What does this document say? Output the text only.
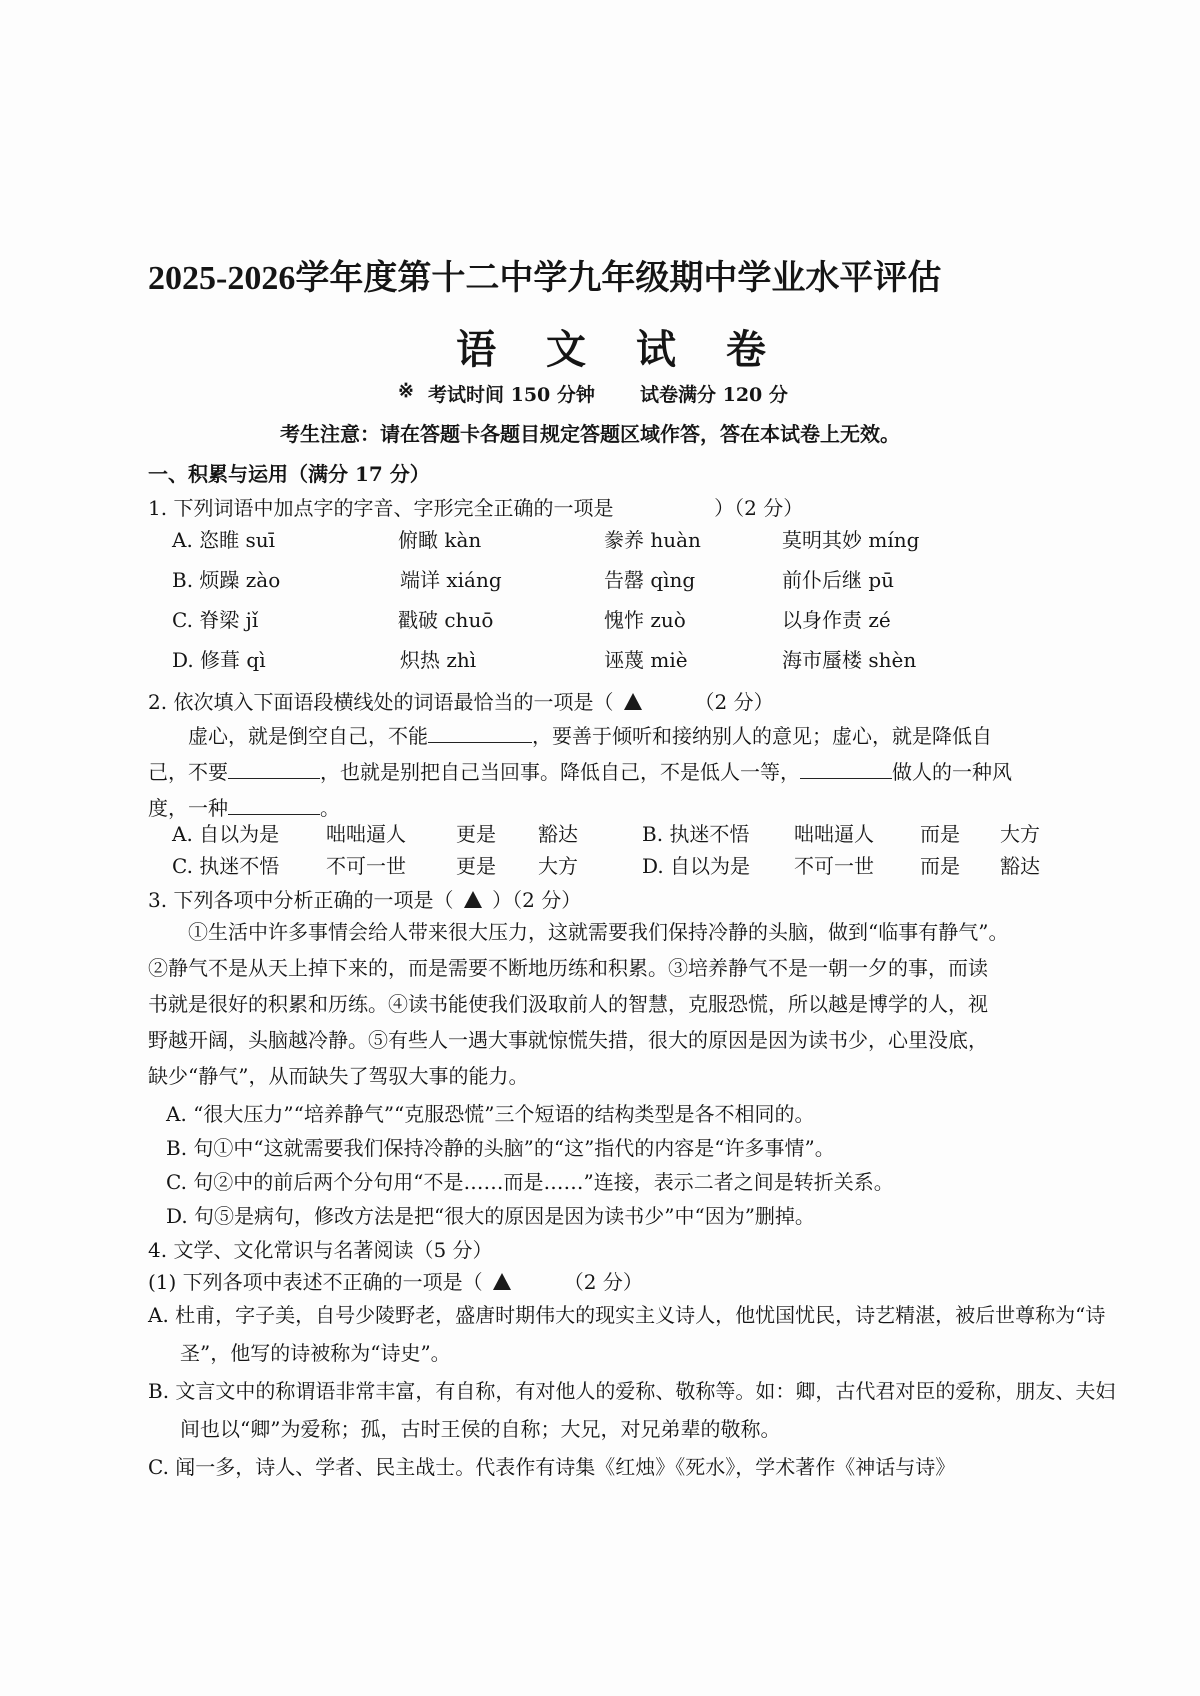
2025-2026学年度第十二中学九年级期中学业水平评估
语 文 试 卷
※ 考试时间 150 分钟 试卷满分 120 分
考生注意：请在答题卡各题目规定答题区域作答，答在本试卷上无效。
一、积累与运用（满分 17 分）
1. 下列词语中加点字的字音、字形完全正确的一项是	）（2 分）
A. 恣睢 suī	俯瞰 kàn	豢养 huàn	莫明其妙 míng
B. 烦躁 zào	端详 xiáng	告罄 qìng	前仆后继 pū
C. 脊梁 jǐ	戳破 chuō	愧怍 zuò	以身作责 zé
D. 修葺 qì	炽热 zhì	诬蔑 miè	海市蜃楼 shèn
2. 依次填入下面语段横线处的词语最恰当的一项是（	（2 分）
虚心，就是倒空自己，不能	，要善于倾听和接纳别人的意见；虚心，就是降低自
己，不要	，也就是别把自己当回事。降低自己，不是低人一等，	做人的一种风
度，一种	。
A. 自以为是 咄咄逼人	更是 豁达	B. 执迷不悟 咄咄逼人 而是 大方
C. 执迷不悟 不可一世	更是 大方	D. 自以为是 不可一世 而是 豁达
3. 下列各项中分析正确的一项是（ ）（2 分）
①生活中许多事情会给人带来很大压力，这就需要我们保持冷静的头脑，做到“临事有静气”。
②静气不是从天上掉下来的，而是需要不断地历练和积累。③培养静气不是一朝一夕的事，而读
书就是很好的积累和历练。④读书能使我们汲取前人的智慧，克服恐慌，所以越是博学的人，视
野越开阔，头脑越冷静。⑤有些人一遇大事就惊慌失措，很大的原因是因为读书少，心里没底，
缺少“静气”，从而缺失了驾驭大事的能力。
A. “很大压力”“培养静气”“克服恐慌”三个短语的结构类型是各不相同的。
B. 句①中“这就需要我们保持冷静的头脑”的“这”指代的内容是“许多事情”。
C. 句②中的前后两个分句用“不是……而是……”连接，表示二者之间是转折关系。
D. 句⑤是病句，修改方法是把“很大的原因是因为读书少”中“因为”删掉。
4. 文学、文化常识与名著阅读（5 分）
(1) 下列各项中表述不正确的一项是（	（2 分）
A. 杜甫，字子美，自号少陵野老，盛唐时期伟大的现实主义诗人，他忧国忧民，诗艺精湛，被后世尊称为“诗圣”，他写的诗被称为“诗史”。
B. 文言文中的称谓语非常丰富，有自称，有对他人的爱称、敬称等。如：卿，古代君对臣的爱称，朋友、夫妇间也以“卿”为爱称；孤，古时王侯的自称；大兄，对兄弟辈的敬称。
C. 闻一多，诗人、学者、民主战士。代表作有诗集《红烛》《死水》，学术著作《神话与诗》
